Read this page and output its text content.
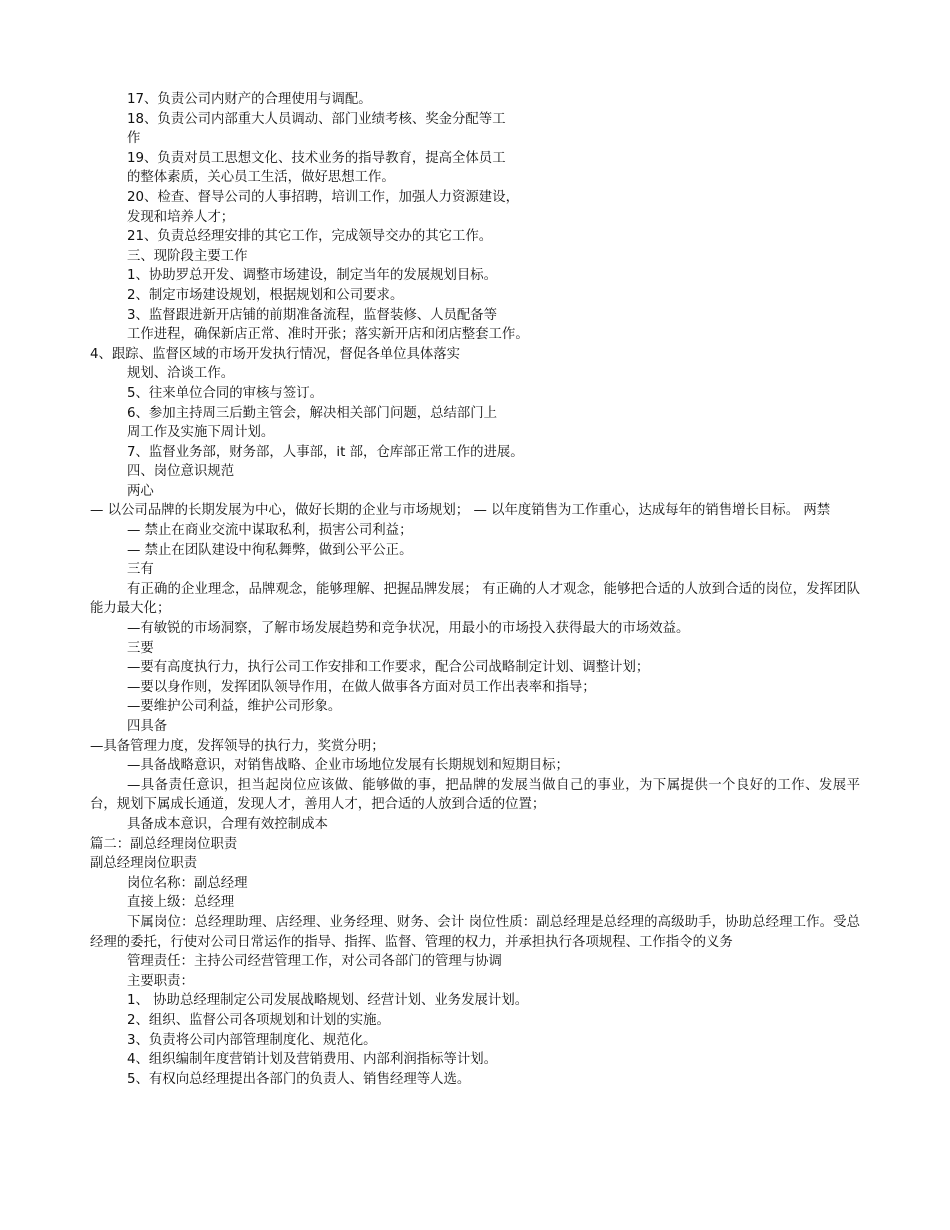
17、负责公司内财产的合理使用与调配。

18、负责公司内部重大人员调动、部门业绩考核、奖金分配等工

作

19、负责对员工思想文化、技术业务的指导教育，提高全体员工

的整体素质，关心员工生活，做好思想工作。

20、检查、督导公司的人事招聘，培训工作，加强人力资源建设，

发现和培养人才；

21、负责总经理安排的其它工作，完成领导交办的其它工作。

三、现阶段主要工作

1、协助罗总开发、调整市场建设，制定当年的发展规划目标。

2、制定市场建设规划，根据规划和公司要求。

3、监督跟进新开店铺的前期准备流程，监督装修、人员配备等

工作进程，确保新店正常、准时开张；落实新开店和闭店整套工作。

4、跟踪、监督区域的市场开发执行情况，督促各单位具体落实

规划、洽谈工作。

5、往来单位合同的审核与签订。

6、参加主持周三后勤主管会，解决相关部门问题，总结部门上

周工作及实施下周计划。

7、监督业务部，财务部，人事部，it 部，仓库部正常工作的进展。

四、岗位意识规范

两心

— 以公司品牌的长期发展为中心，做好长期的企业与市场规划； — 以年度销售为工作重心，达成每年的销售增长目标。 两禁

— 禁止在商业交流中谋取私利，损害公司利益；

— 禁止在团队建设中徇私舞弊，做到公平公正。

三有

有正确的企业理念，品牌观念，能够理解、把握品牌发展； 有正确的人才观念，能够把合适的人放到合适的岗位，发挥团队能力最大化；

—有敏锐的市场洞察，了解市场发展趋势和竞争状况，用最小的市场投入获得最大的市场效益。

三要

—要有高度执行力，执行公司工作安排和工作要求，配合公司战略制定计划、调整计划；

—要以身作则，发挥团队领导作用，在做人做事各方面对员工作出表率和指导；

—要维护公司利益，维护公司形象。

四具备

—具备管理力度，发挥领导的执行力，奖赏分明；

—具备战略意识，对销售战略、企业市场地位发展有长期规划和短期目标；

—具备责任意识，担当起岗位应该做、能够做的事，把品牌的发展当做自己的事业，为下属提供一个良好的工作、发展平台，规划下属成长通道，发现人才，善用人才，把合适的人放到合适的位置；

具备成本意识，合理有效控制成本

篇二：副总经理岗位职责

副总经理岗位职责

岗位名称：副总经理

直接上级：总经理

下属岗位：总经理助理、店经理、业务经理、财务、会计 岗位性质：副总经理是总经理的高级助手，协助总经理工作。受总经理的委托，行使对公司日常运作的指导、指挥、监督、管理的权力，并承担执行各项规程、工作指令的义务

管理责任：主持公司经营管理工作，对公司各部门的管理与协调

主要职责：

1、 协助总经理制定公司发展战略规划、经营计划、业务发展计划。

2、组织、监督公司各项规划和计划的实施。

3、负责将公司内部管理制度化、规范化。

4、组织编制年度营销计划及营销费用、内部利润指标等计划。

5、有权向总经理提出各部门的负责人、销售经理等人选。
